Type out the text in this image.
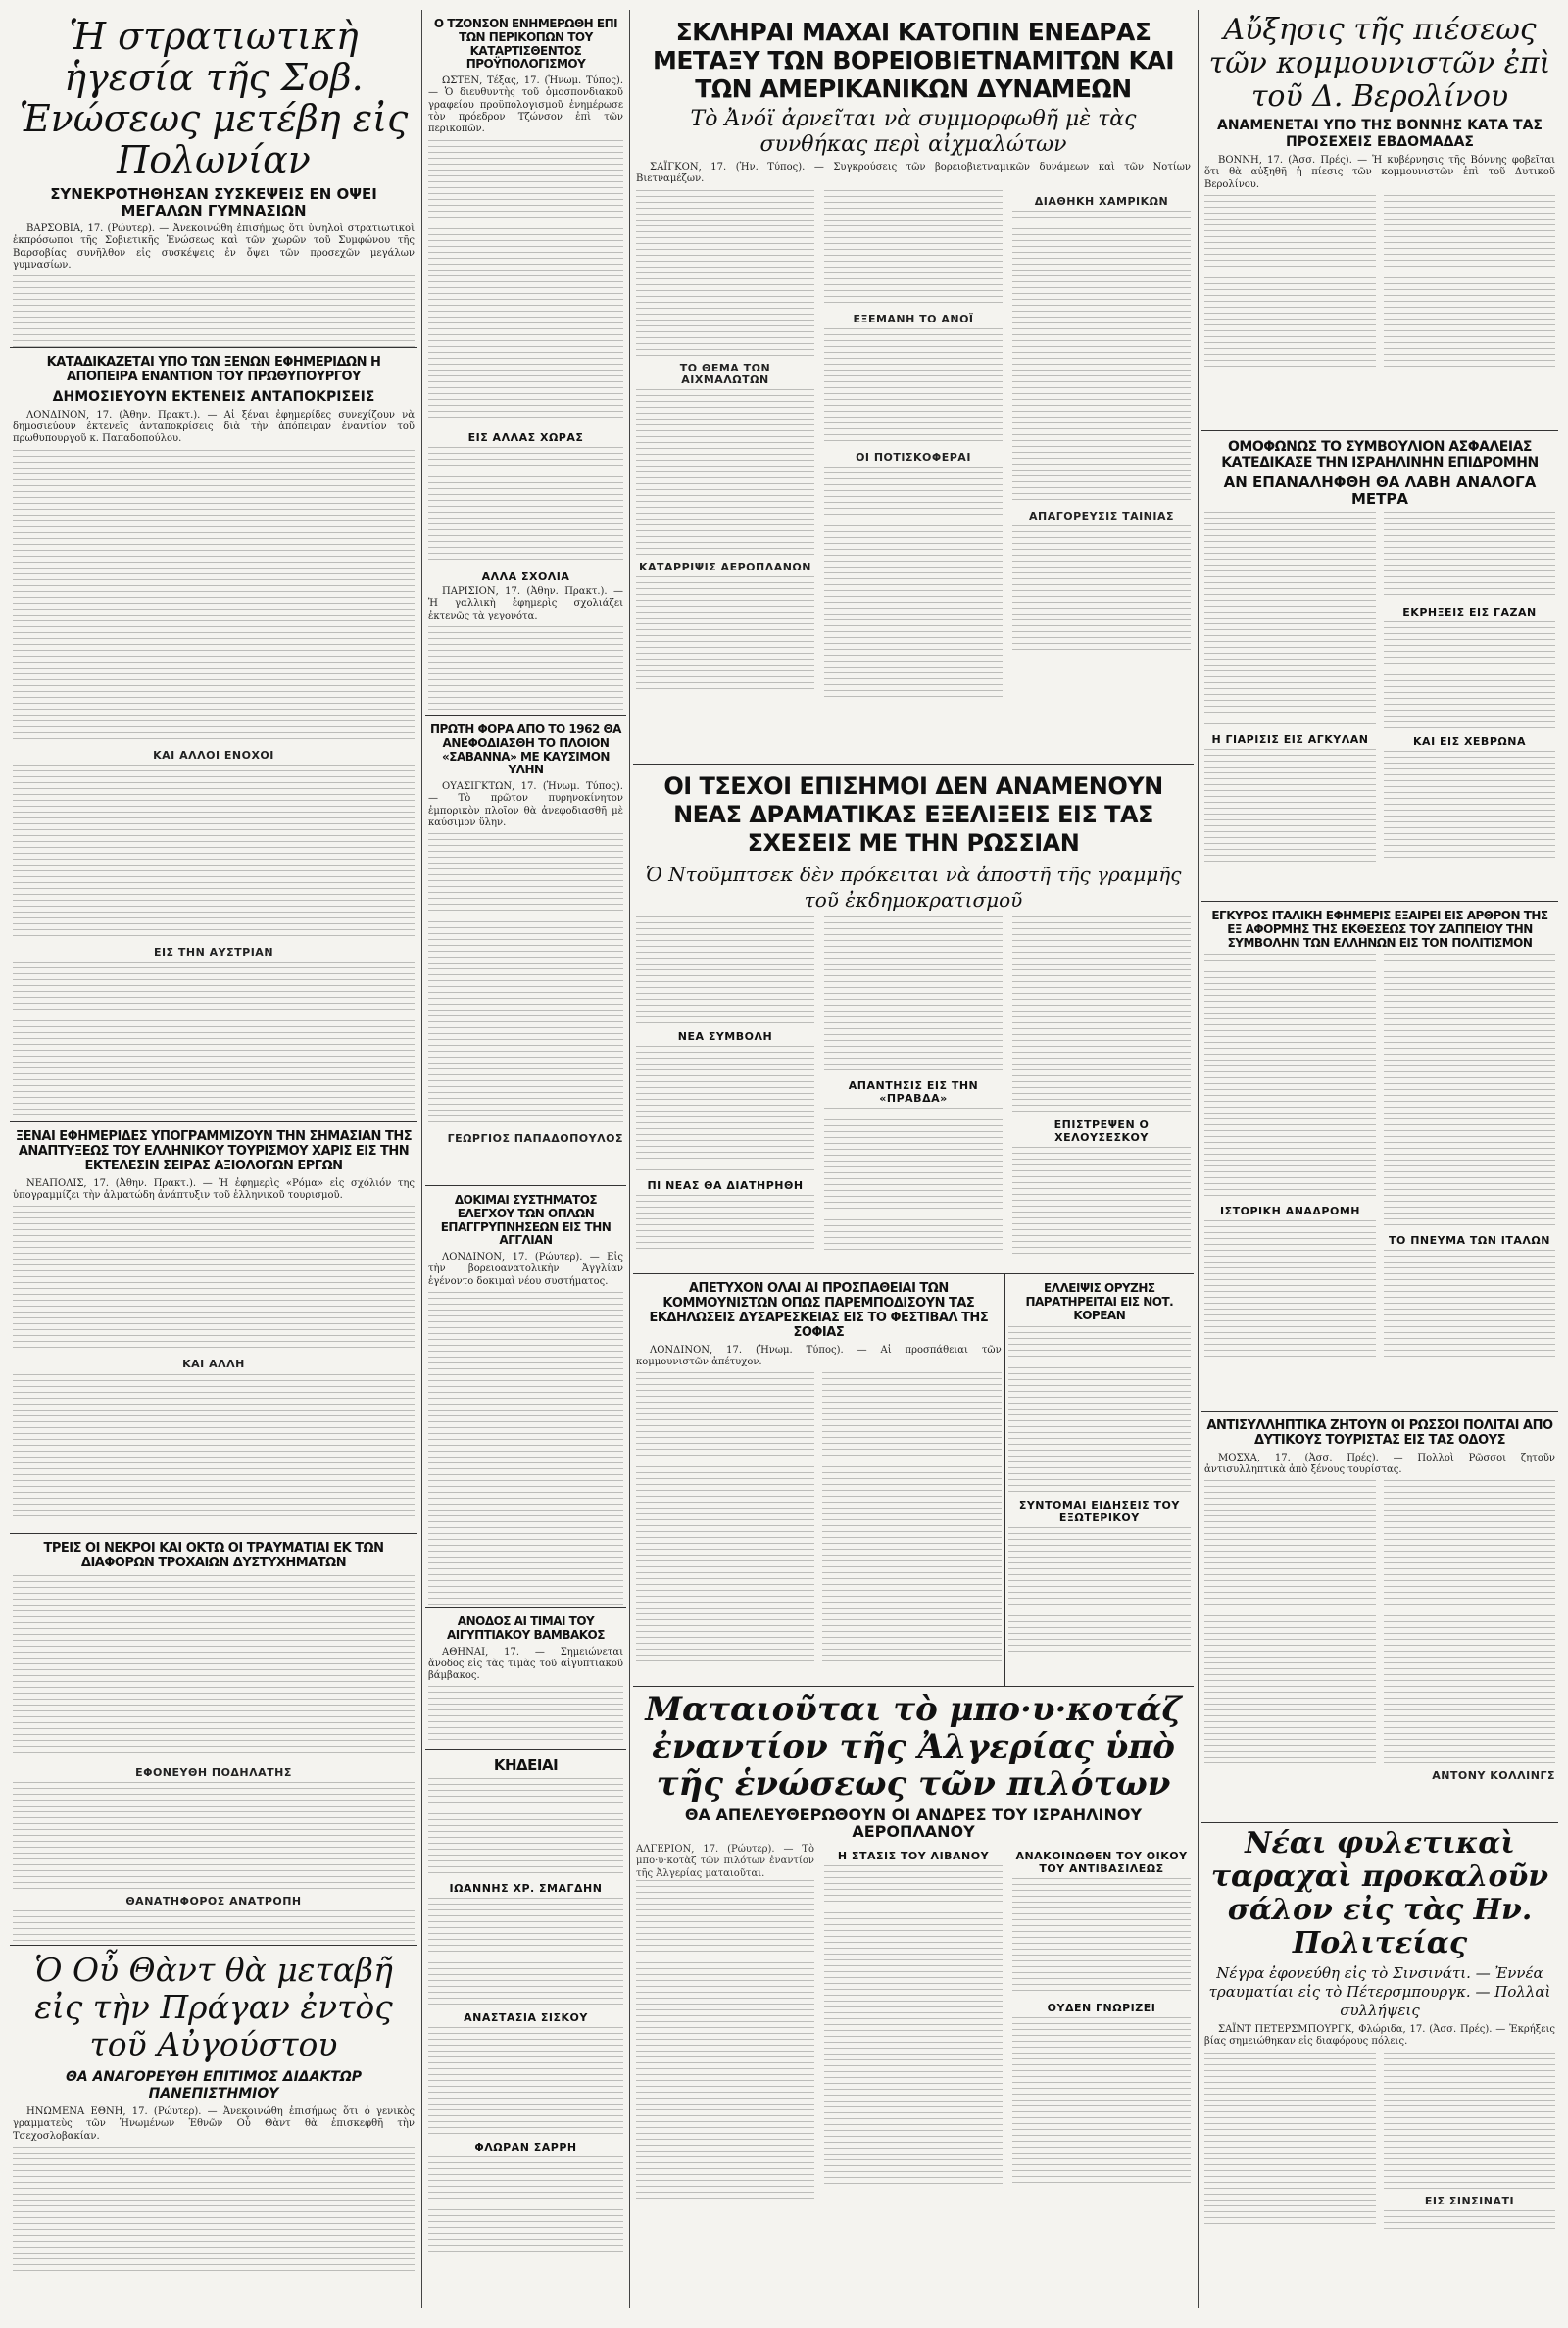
Ἡ στρατιωτικὴ ἡγεσία τῆς Σοβ. Ἑνώσεως μετέβη εἰς Πολωνίαν
ΣΥΝΕΚΡΟΤΗΘΗΣΑΝ ΣΥΣΚΕΨΕΙΣ ΕΝ ΟΨΕΙ ΜΕΓΑΛΩΝ ΓΥΜΝΑΣΙΩΝ

ΒΑΡΣΟΒΙΑ, 17. (Ρώυτερ). — Ἀνεκοινώθη ἐπισήμως ὅτι ὑψηλοὶ στρατιωτικοὶ ἐκπρόσωποι τῆς Σοβιετικῆς Ἑνώσεως καὶ τῶν χωρῶν τοῦ Συμφώνου τῆς Βαρσοβίας συνῆλθον εἰς συσκέψεις ἐν ὄψει τῶν προσεχῶν μεγάλων γυμνασίων.

ΚΑΤΑΔΙΚΑΖΕΤΑΙ ΥΠΟ ΤΩΝ ΞΕΝΩΝ ΕΦΗΜΕΡΙΔΩΝ Η ΑΠΟΠΕΙΡΑ ΕΝΑΝΤΙΟΝ ΤΟΥ ΠΡΩΘΥΠΟΥΡΓΟΥ
ΔΗΜΟΣΙΕΥΟΥΝ ΕΚΤΕΝΕΙΣ ΑΝΤΑΠΟΚΡΙΣΕΙΣ

ΛΟΝΔΙΝΟΝ, 17. (Ἀθην. Πρακτ.). — Αἱ ξέναι ἐφημερίδες συνεχίζουν νὰ δημοσιεύουν ἐκτενεῖς ἀνταποκρίσεις διὰ τὴν ἀπόπειραν ἐναντίον τοῦ πρωθυπουργοῦ κ. Παπαδοπούλου.

ΚΑΙ ΑΛΛΟΙ ΕΝΟΧΟΙ
ΕΙΣ ΤΗΝ ΑΥΣΤΡΙΑΝ
ΞΕΝΑΙ ΕΦΗΜΕΡΙΔΕΣ ΥΠΟΓΡΑΜΜΙΖΟΥΝ ΤΗΝ ΣΗΜΑΣΙΑΝ ΤΗΣ ΑΝΑΠΤΥΞΕΩΣ ΤΟΥ ΕΛΛΗΝΙΚΟΥ ΤΟΥΡΙΣΜΟΥ ΧΑΡΙΣ ΕΙΣ ΤΗΝ ΕΚΤΕΛΕΣΙΝ ΣΕΙΡΑΣ ΑΞΙΟΛΟΓΩΝ ΕΡΓΩΝ

ΝΕΑΠΟΛΙΣ, 17. (Ἀθην. Πρακτ.). — Ἡ ἐφημερὶς «Ρόμα» εἰς σχόλιόν της ὑπογραμμίζει τὴν ἀλματώδη ἀνάπτυξιν τοῦ ἑλληνικοῦ τουρισμοῦ.

ΚΑΙ ΑΛΛΗ
ΤΡΕΙΣ ΟΙ ΝΕΚΡΟΙ ΚΑΙ ΟΚΤΩ ΟΙ ΤΡΑΥΜΑΤΙΑΙ ΕΚ ΤΩΝ ΔΙΑΦΟΡΩΝ ΤΡΟΧΑΙΩΝ ΔΥΣΤΥΧΗΜΑΤΩΝ
ΕΦΟΝΕΥΘΗ ΠΟΔΗΛΑΤΗΣ
ΘΑΝΑΤΗΦΟΡΟΣ ΑΝΑΤΡΟΠΗ
Ὁ Οὖ Θὰντ θὰ μεταβῆ εἰς τὴν Πράγαν ἐντὸς τοῦ Αὐγούστου
ΘΑ ΑΝΑΓΟΡΕΥΘΗ ΕΠΙΤΙΜΟΣ ΔΙΔΑΚΤΩΡ ΠΑΝΕΠΙΣΤΗΜΙΟΥ

ΗΝΩΜΕΝΑ ΕΘΝΗ, 17. (Ρώυτερ). — Ἀνεκοινώθη ἐπισήμως ὅτι ὁ γενικὸς γραμματεὺς τῶν Ἡνωμένων Ἐθνῶν Οὖ Θὰντ θὰ ἐπισκεφθῆ τὴν Τσεχοσλοβακίαν.

Ο ΤΖΟΝΣΟΝ ΕΝΗΜΕΡΩΘΗ ΕΠΙ ΤΩΝ ΠΕΡΙΚΟΠΩΝ ΤΟΥ ΚΑΤΑΡΤΙΣΘΕΝΤΟΣ ΠΡΟΫΠΟΛΟΓΙΣΜΟΥ

ΩΣΤΕΝ, Τέξας, 17. (Ἡνωμ. Τύπος). — Ὁ διευθυντὴς τοῦ ὁμοσπονδιακοῦ γραφείου προϋπολογισμοῦ ἐνημέρωσε τὸν πρόεδρον Τζώνσον ἐπὶ τῶν περικοπῶν.

ΕΙΣ ΑΛΛΑΣ ΧΩΡΑΣ
ΑΛΛΑ ΣΧΟΛΙΑ

ΠΑΡΙΣΙΟΝ, 17. (Ἀθην. Πρακτ.). — Ἡ γαλλικὴ ἐφημερὶς σχολιάζει ἐκτενῶς τὰ γεγονότα.

ΠΡΩΤΗ ΦΟΡΑ ΑΠΟ ΤΟ 1962 ΘΑ ΑΝΕΦΟΔΙΑΣΘΗ ΤΟ ΠΛΟΙΟΝ «ΣΑΒΑΝΝΑ» ΜΕ ΚΑΥΣΙΜΟΝ ΥΛΗΝ

ΟΥΑΣΙΓΚΤΩΝ, 17. (Ἡνωμ. Τύπος). — Τὸ πρῶτον πυρηνοκίνητον ἐμπορικὸν πλοῖον θὰ ἀνεφοδιασθῆ μὲ καύσιμον ὕλην.

ΓΕΩΡΓΙΟΣ ΠΑΠΑΔΟΠΟΥΛΟΣ
ΔΟΚΙΜΑΙ ΣΥΣΤΗΜΑΤΟΣ ΕΛΕΓΧΟΥ ΤΩΝ ΟΠΛΩΝ ΕΠΑΓΓΡΥΠΝΗΣΕΩΝ ΕΙΣ ΤΗΝ ΑΓΓΛΙΑΝ

ΛΟΝΔΙΝΟΝ, 17. (Ρώυτερ). — Εἰς τὴν βορειοανατολικὴν Ἀγγλίαν ἐγένοντο δοκιμαὶ νέου συστήματος.

ΑΝΟΔΟΣ ΑΙ ΤΙΜΑΙ ΤΟΥ ΑΙΓΥΠΤΙΑΚΟΥ ΒΑΜΒΑΚΟΣ

ΑΘΗΝΑΙ, 17. — Σημειώνεται ἄνοδος εἰς τὰς τιμὰς τοῦ αἰγυπτιακοῦ βάμβακος.

ΚΗΔΕΙΑΙ
ΙΩΑΝΝΗΣ ΧΡ. ΣΜΑΓΔΗΝ
ΑΝΑΣΤΑΣΙΑ ΣΙΣΚΟΥ
ΦΛΩΡΑΝ ΣΑΡΡΗ
ΣΚΛΗΡΑΙ ΜΑΧΑΙ ΚΑΤΟΠΙΝ ΕΝΕΔΡΑΣ ΜΕΤΑΞΥ ΤΩΝ ΒΟΡΕΙΟΒΙΕΤΝΑΜΙΤΩΝ ΚΑΙ ΤΩΝ ΑΜΕΡΙΚΑΝΙΚΩΝ ΔΥΝΑΜΕΩΝ
Τὸ Ἀνόϊ ἀρνεῖται νὰ συμμορφωθῆ μὲ τὰς συνθήκας περὶ αἰχμαλώτων

ΣΑΪΓΚΟΝ, 17. (Ἡν. Τύπος). — Συγκρούσεις τῶν βορειοβιετναμικῶν δυνάμεων καὶ τῶν Νοτίων Βιετναμέζων.

ΤΟ ΘΕΜΑ ΤΩΝ ΑΙΧΜΑΛΩΤΩΝ
ΚΑΤΑΡΡΙΨΙΣ ΑΕΡΟΠΛΑΝΩΝ
ΕΞΕΜΑΝΗ ΤΟ ΑΝΟΪ
ΟΙ ΠΟΤΙΣΚΟΦΕΡΑΙ
ΔΙΑΘΗΚΗ ΧΑΜΡΙΚΩΝ
ΑΠΑΓΟΡΕΥΣΙΣ ΤΑΙΝΙΑΣ
ΟΙ ΤΣΕΧΟΙ ΕΠΙΣΗΜΟΙ ΔΕΝ ΑΝΑΜΕΝΟΥΝ ΝΕΑΣ ΔΡΑΜΑΤΙΚΑΣ ΕΞΕΛΙΞΕΙΣ ΕΙΣ ΤΑΣ ΣΧΕΣΕΙΣ ΜΕ ΤΗΝ ΡΩΣΣΙΑΝ
Ὁ Ντοῦμπτσεκ δὲν πρόκειται νὰ ἀποστῆ τῆς γραμμῆς τοῦ ἐκδημοκρατισμοῦ
ΝΕΑ ΣΥΜΒΟΛΗ
ΠΙ ΝΕΑΣ ΘΑ ΔΙΑΤΗΡΗΘΗ
ΑΠΑΝΤΗΣΙΣ ΕΙΣ ΤΗΝ «ΠΡΑΒΔΑ»
ΕΠΙΣΤΡΕΨΕΝ Ο ΧΕΛΟΥΣΕΣΚΟΥ
ΑΠΕΤΥΧΟΝ ΟΛΑΙ ΑΙ ΠΡΟΣΠΑΘΕΙΑΙ ΤΩΝ ΚΟΜΜΟΥΝΙΣΤΩΝ ΟΠΩΣ ΠΑΡΕΜΠΟΔΙΣΟΥΝ ΤΑΣ ΕΚΔΗΛΩΣΕΙΣ ΔΥΣΑΡΕΣΚΕΙΑΣ ΕΙΣ ΤΟ ΦΕΣΤΙΒΑΛ ΤΗΣ ΣΟΦΙΑΣ

ΛΟΝΔΙΝΟΝ, 17. (Ἡνωμ. Τύπος). — Αἱ προσπάθειαι τῶν κομμουνιστῶν ἀπέτυχον.

ΕΛΛΕΙΨΙΣ ΟΡΥΖΗΣ ΠΑΡΑΤΗΡΕΙΤΑΙ ΕΙΣ ΝΟΤ. ΚΟΡΕΑΝ
ΣΥΝΤΟΜΑΙ ΕΙΔΗΣΕΙΣ ΤΟΥ ΕΞΩΤΕΡΙΚΟΥ
Ματαιοῦται τὸ μπο·υ·κοτάζ ἐναντίον τῆς Ἀλγερίας ὑπὸ τῆς ἑνώσεως τῶν πιλότων
ΘΑ ΑΠΕΛΕΥΘΕΡΩΘΟΥΝ ΟΙ ΑΝΔΡΕΣ ΤΟΥ ΙΣΡΑΗΛΙΝΟΥ ΑΕΡΟΠΛΑΝΟΥ

ΑΛΓΕΡΙΟΝ, 17. (Ρώυτερ). — Τὸ μπο·υ·κοτὰζ τῶν πιλότων ἐναντίον τῆς Ἀλγερίας ματαιοῦται.

Η ΣΤΑΣΙΣ ΤΟΥ ΛΙΒΑΝΟΥ	ΑΝΑΚΟΙΝΩΘΕΝ ΤΟΥ ΟΙΚΟΥ ΤΟΥ ΑΝΤΙΒΑΣΙΛΕΩΣ
ΟΥΔΕΝ ΓΝΩΡΙΖΕΙ
Αὔξησις τῆς πιέσεως τῶν κομμουνιστῶν ἐπὶ τοῦ Δ. Βερολίνου
ΑΝΑΜΕΝΕΤΑΙ ΥΠΟ ΤΗΣ ΒΟΝΝΗΣ ΚΑΤΑ ΤΑΣ ΠΡΟΣΕΧΕΙΣ ΕΒΔΟΜΑΔΑΣ

ΒΟΝΝΗ, 17. (Ἀσσ. Πρές). — Ἡ κυβέρνησις τῆς Βόννης φοβεῖται ὅτι θὰ αὐξηθῆ ἡ πίεσις τῶν κομμουνιστῶν ἐπὶ τοῦ Δυτικοῦ Βερολίνου.

ΟΜΟΦΩΝΩΣ ΤΟ ΣΥΜΒΟΥΛΙΟΝ ΑΣΦΑΛΕΙΑΣ ΚΑΤΕΔΙΚΑΣΕ ΤΗΝ ΙΣΡΑΗΛΙΝΗΝ ΕΠΙΔΡΟΜΗΝ
ΑΝ ΕΠΑΝΑΛΗΦΘΗ ΘΑ ΛΑΒΗ ΑΝΑΛΟΓΑ ΜΕΤΡΑ
Η ΓΙΑΡΙΣΙΣ ΕΙΣ ΑΓΚΥΛΑΝ
ΕΚΡΗΞΕΙΣ ΕΙΣ ΓΑΖΑΝ
ΚΑΙ ΕΙΣ ΧΕΒΡΩΝΑ
ΕΓΚΥΡΟΣ ΙΤΑΛΙΚΗ ΕΦΗΜΕΡΙΣ ΕΞΑΙΡΕΙ ΕΙΣ ΑΡΘΡΟΝ ΤΗΣ ΕΞ ΑΦΟΡΜΗΣ ΤΗΣ ΕΚΘΕΣΕΩΣ ΤΟΥ ΖΑΠΠΕΙΟΥ ΤΗΝ ΣΥΜΒΟΛΗΝ ΤΩΝ ΕΛΛΗΝΩΝ ΕΙΣ ΤΟΝ ΠΟΛΙΤΙΣΜΟΝ
ΙΣΤΟΡΙΚΗ ΑΝΑΔΡΟΜΗ
ΤΟ ΠΝΕΥΜΑ ΤΩΝ ΙΤΑΛΩΝ
ΑΝΤΙΣΥΛΛΗΠΤΙΚΑ ΖΗΤΟΥΝ ΟΙ ΡΩΣΣΟΙ ΠΟΛΙΤΑΙ ΑΠΟ ΔΥΤΙΚΟΥΣ ΤΟΥΡΙΣΤΑΣ ΕΙΣ ΤΑΣ ΟΔΟΥΣ

ΜΟΣΧΑ, 17. (Ἀσσ. Πρές). — Πολλοὶ Ρῶσσοι ζητοῦν ἀντισυλληπτικὰ ἀπὸ ξένους τουρίστας.

ΑΝΤΟΝΥ ΚΟΛΛΙΝΓΣ
Νέαι φυλετικαὶ ταραχαὶ προκαλοῦν σάλον εἰς τὰς Ην. Πολιτείας
Νέγρα ἐφονεύθη εἰς τὸ Σινσινάτι. — Ἐννέα τραυματίαι εἰς τὸ Πέτερσμπουργκ. — Πολλαὶ συλλήψεις

ΣΑΪΝΤ ΠΕΤΕΡΣΜΠΟΥΡΓΚ, Φλώριδα, 17. (Ἀσσ. Πρές). — Ἐκρήξεις βίας σημειώθηκαν εἰς διαφόρους πόλεις.

ΕΙΣ ΣΙΝΣΙΝΑΤΙ
